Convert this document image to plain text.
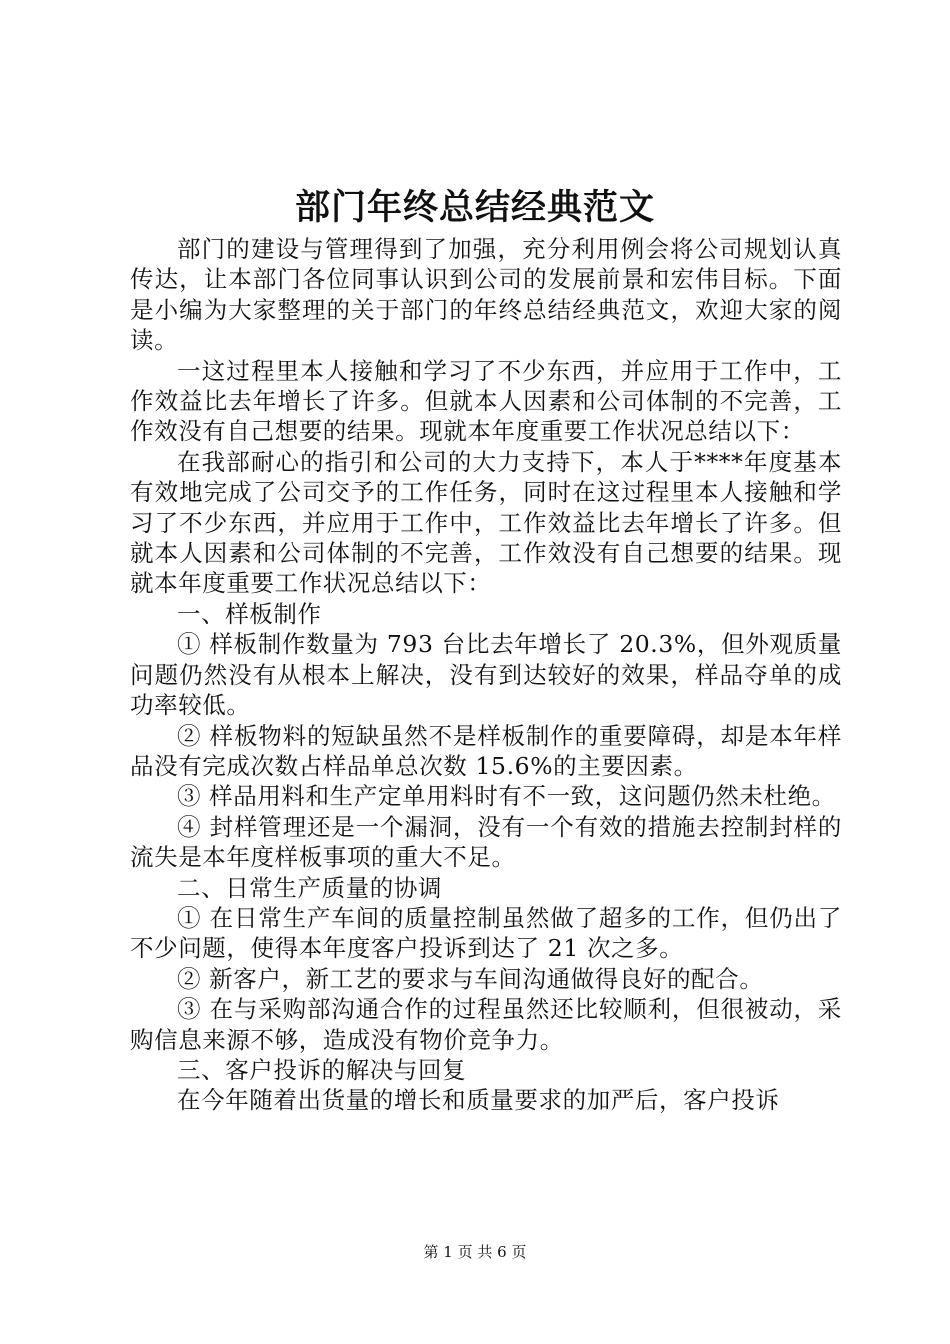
部门年终总结经典范文

部门的建设与管理得到了加强，充分利用例会将公司规划认真传达，让本部门各位同事认识到公司的发展前景和宏伟目标。下面是小编为大家整理的关于部门的年终总结经典范文，欢迎大家的阅读。

一这过程里本人接触和学习了不少东西，并应用于工作中，工作效益比去年增长了许多。但就本人因素和公司体制的不完善，工作效没有自己想要的结果。现就本年度重要工作状况总结以下：

在我部耐心的指引和公司的大力支持下，本人于****年度基本有效地完成了公司交予的工作任务，同时在这过程里本人接触和学习了不少东西，并应用于工作中，工作效益比去年增长了许多。但就本人因素和公司体制的不完善，工作效没有自己想要的结果。现就本年度重要工作状况总结以下：

一、样板制作

① 样板制作数量为 793 台比去年增长了 20.3%，但外观质量问题仍然没有从根本上解决，没有到达较好的效果，样品夺单的成功率较低。

② 样板物料的短缺虽然不是样板制作的重要障碍，却是本年样品没有完成次数占样品单总次数 15.6%的主要因素。

③ 样品用料和生产定单用料时有不一致，这问题仍然未杜绝。

④ 封样管理还是一个漏洞，没有一个有效的措施去控制封样的流失是本年度样板事项的重大不足。

二、日常生产质量的协调

① 在日常生产车间的质量控制虽然做了超多的工作，但仍出了不少问题，使得本年度客户投诉到达了 21 次之多。

② 新客户，新工艺的要求与车间沟通做得良好的配合。

③ 在与采购部沟通合作的过程虽然还比较顺利，但很被动，采购信息来源不够，造成没有物价竞争力。

三、客户投诉的解决与回复

在今年随着出货量的增长和质量要求的加严后，客户投诉

第 1 页 共 6 页
